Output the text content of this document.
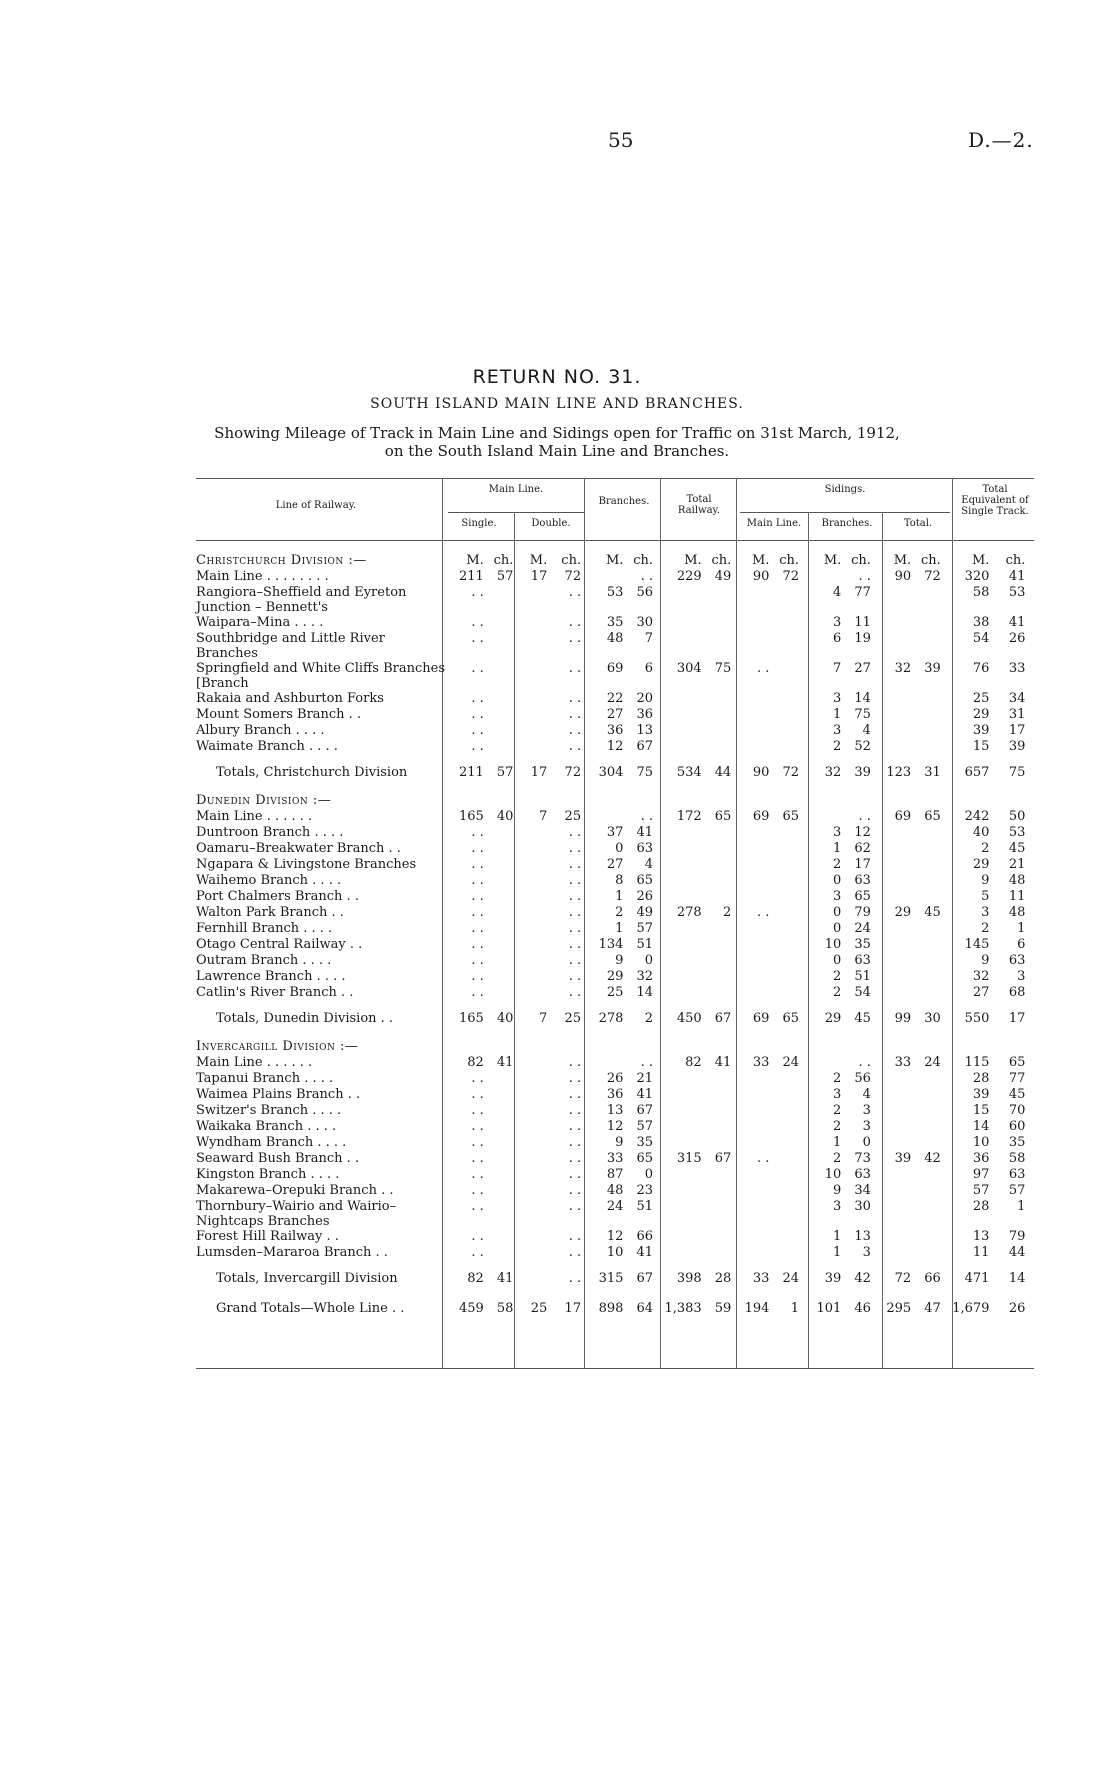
55	D.—2.
RETURN NO. 31.
SOUTH ISLAND MAIN LINE AND BRANCHES.
Showing Mileage of Track in Main Line and Sidings open for Traffic on 31st March, 1912,
on the South Island Main Line and Branches.
Line of Railway.
Main Line.
Single.	Double.
Branches.	Total Railway.
Sidings.
Main Line.	Branches.	Total.
Total Equivalent of Single Track.
Christchurch Division :—	M.	ch.	M.	ch.	M.	ch.	M.	ch.	M.	ch.	M.	ch.	M.	ch.	M.	ch.	
Main Line . . . . . . . .	211	57	17	72		. .	229	49	90	72		. .	90	72	320	41	
Rangiora–Sheffield and Eyreton Junction – Bennett's	. .			. .	53	56					4	77			58	53	
Waipara–Mina . . . .	. .			. .	35	30					3	11			38	41	
Southbridge and Little River Branches	. .			. .	48	7					6	19			54	26	
Springfield and White Cliffs Branches [Branch	. .			. .	69	6	304	75	. .		7	27	32	39	76	33	
Rakaia and Ashburton Forks	. .			. .	22	20					3	14			25	34	
Mount Somers Branch . .	. .			. .	27	36					1	75			29	31	
Albury Branch . . . .	. .			. .	36	13					3	4			39	17	
Waimate Branch . . . .	. .			. .	12	67					2	52			15	39	
Totals, Christchurch Division	211	57	17	72	304	75	534	44	90	72	32	39	123	31	657	75	
Dunedin Division :—																	
Main Line . . . . . .	165	40	7	25		. .	172	65	69	65		. .	69	65	242	50	
Duntroon Branch . . . .	. .			. .	37	41					3	12			40	53	
Oamaru–Breakwater Branch . .	. .			. .	0	63					1	62			2	45	
Ngapara & Livingstone Branches	. .			. .	27	4					2	17			29	21	
Waihemo Branch . . . .	. .			. .	8	65					0	63			9	48	
Port Chalmers Branch . .	. .			. .	1	26					3	65			5	11	
Walton Park Branch . .	. .			. .	2	49	278	2	. .		0	79	29	45	3	48	
Fernhill Branch . . . .	. .			. .	1	57					0	24			2	1	
Otago Central Railway . .	. .			. .	134	51					10	35			145	6	
Outram Branch . . . .	. .			. .	9	0					0	63			9	63	
Lawrence Branch . . . .	. .			. .	29	32					2	51			32	3	
Catlin's River Branch . .	. .			. .	25	14					2	54			27	68	
Totals, Dunedin Division . .	165	40	7	25	278	2	450	67	69	65	29	45	99	30	550	17	
Invercargill Division :—																	
Main Line . . . . . .	82	41		. .		. .	82	41	33	24		. .	33	24	115	65	
Tapanui Branch . . . .	. .			. .	26	21					2	56			28	77	
Waimea Plains Branch . .	. .			. .	36	41					3	4			39	45	
Switzer's Branch . . . .	. .			. .	13	67					2	3			15	70	
Waikaka Branch . . . .	. .			. .	12	57					2	3			14	60	
Wyndham Branch . . . .	. .			. .	9	35					1	0			10	35	
Seaward Bush Branch . .	. .			. .	33	65	315	67	. .		2	73	39	42	36	58	
Kingston Branch . . . .	. .			. .	87	0					10	63			97	63	
Makarewa–Orepuki Branch . .	. .			. .	48	23					9	34			57	57	
Thornbury–Wairio and Wairio–Nightcaps Branches	. .			. .	24	51					3	30			28	1	
Forest Hill Railway . .	. .			. .	12	66					1	13			13	79	
Lumsden–Mararoa Branch . .	. .			. .	10	41					1	3			11	44	
Totals, Invercargill Division	82	41		. .	315	67	398	28	33	24	39	42	72	66	471	14	
Grand Totals—Whole Line . .	459	58	25	17	898	64	1,383	59	194	1	101	46	295	47	1,679	26	
